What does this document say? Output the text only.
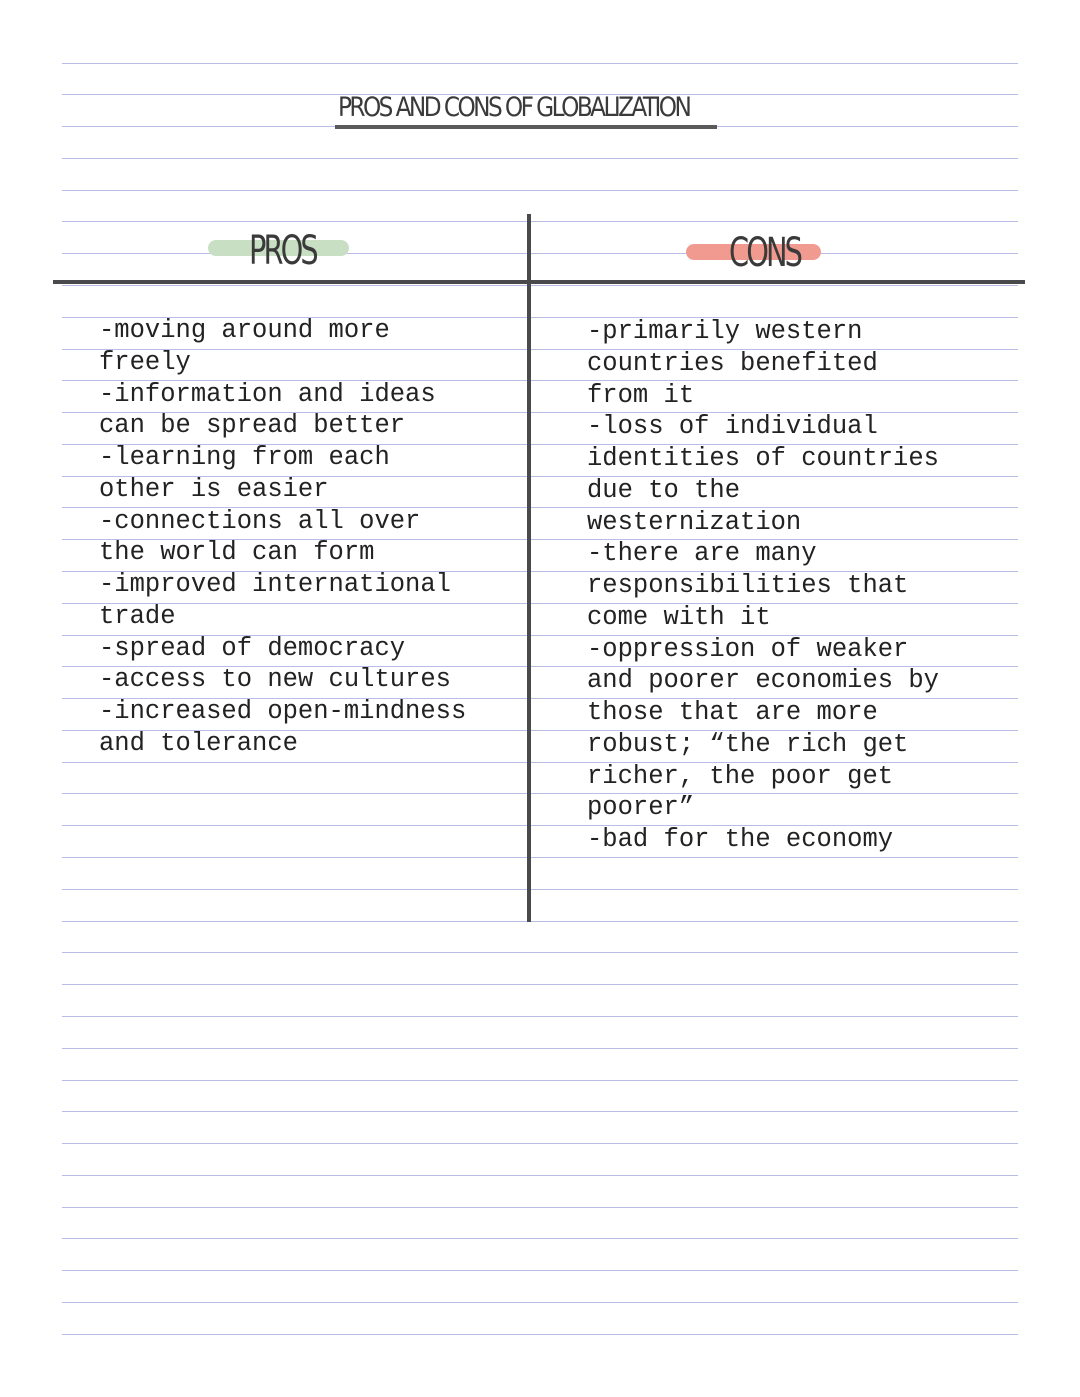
PROS AND CONS OF GLOBALIZATION
PROS	CONS
-moving around more
freely
-information and ideas
can be spread better
-learning from each
other is easier
-connections all over
the world can form
-improved international
trade
-spread of democracy
-access to new cultures
-increased open-mindness
and tolerance
-primarily western
countries benefited
from it
-loss of individual
identities of countries
due to the
westernization
-there are many
responsibilities that
come with it
-oppression of weaker
and poorer economies by
those that are more
robust; “the rich get
richer, the poor get
poorer”
-bad for the economy
